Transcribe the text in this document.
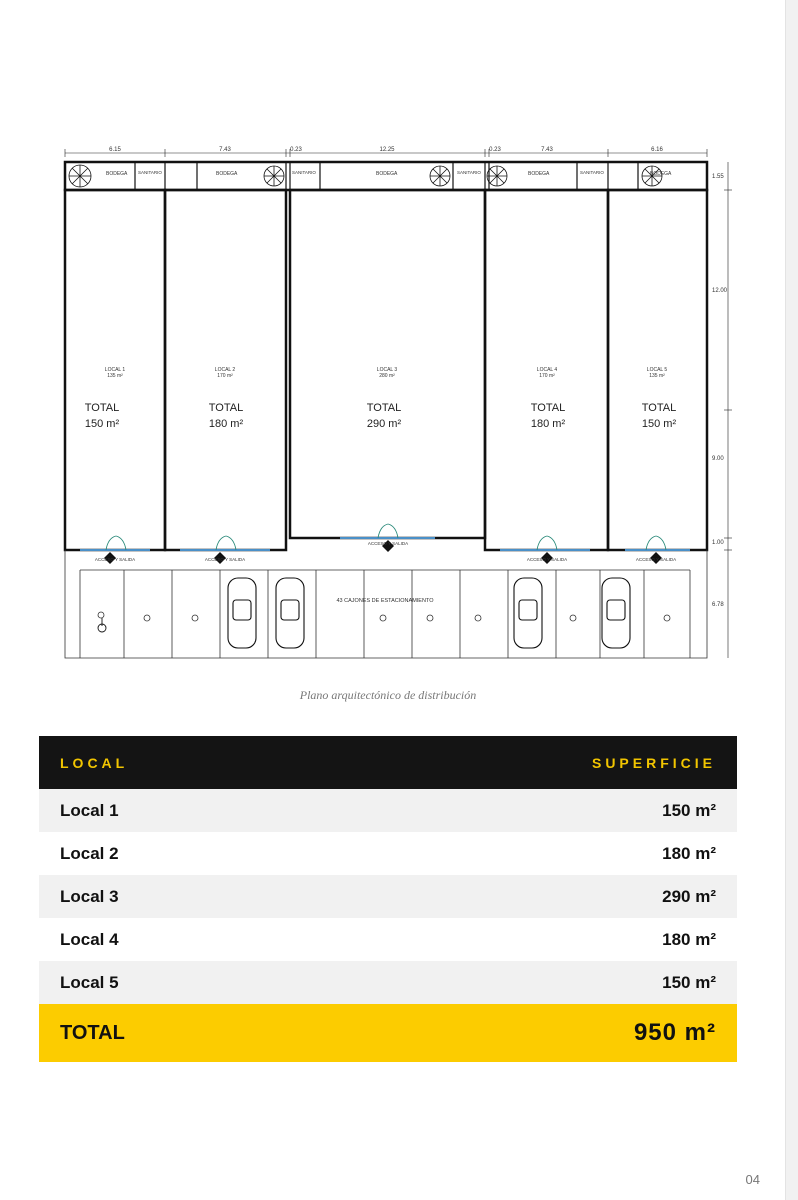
6.15	7.43	0.23	12.25	0.23	7.43	6.16
1.55
12.00
9.00
1.00
6.78
BODEGA SANITARIO	BODEGA	SANITARIO	BODEGA	SANITARIO	BODEGA	SANITARIO	BODEGA
LOCAL 1
135 m²
LOCAL 2
170 m²
LOCAL 3
280 m²
LOCAL 4
170 m²
LOCAL 5
135 m²
TOTAL
150 m²
TOTAL
180 m²
TOTAL
290 m²
TOTAL
180 m²
TOTAL
150 m²
ACCESO Y SALIDA	ACCESO Y SALIDA
ACCESO Y SALIDA
ACCESO Y SALIDA	ACCESO Y SALIDA
43 CAJONES DE ESTACIONAMIENTO
Plano arquitectónico de distribución
LOCAL	SUPERFICIE
Local 1	150 m²
Local 2	180 m²
Local 3	290 m²
Local 4	180 m²
Local 5	150 m²
TOTAL	950 m²
04
